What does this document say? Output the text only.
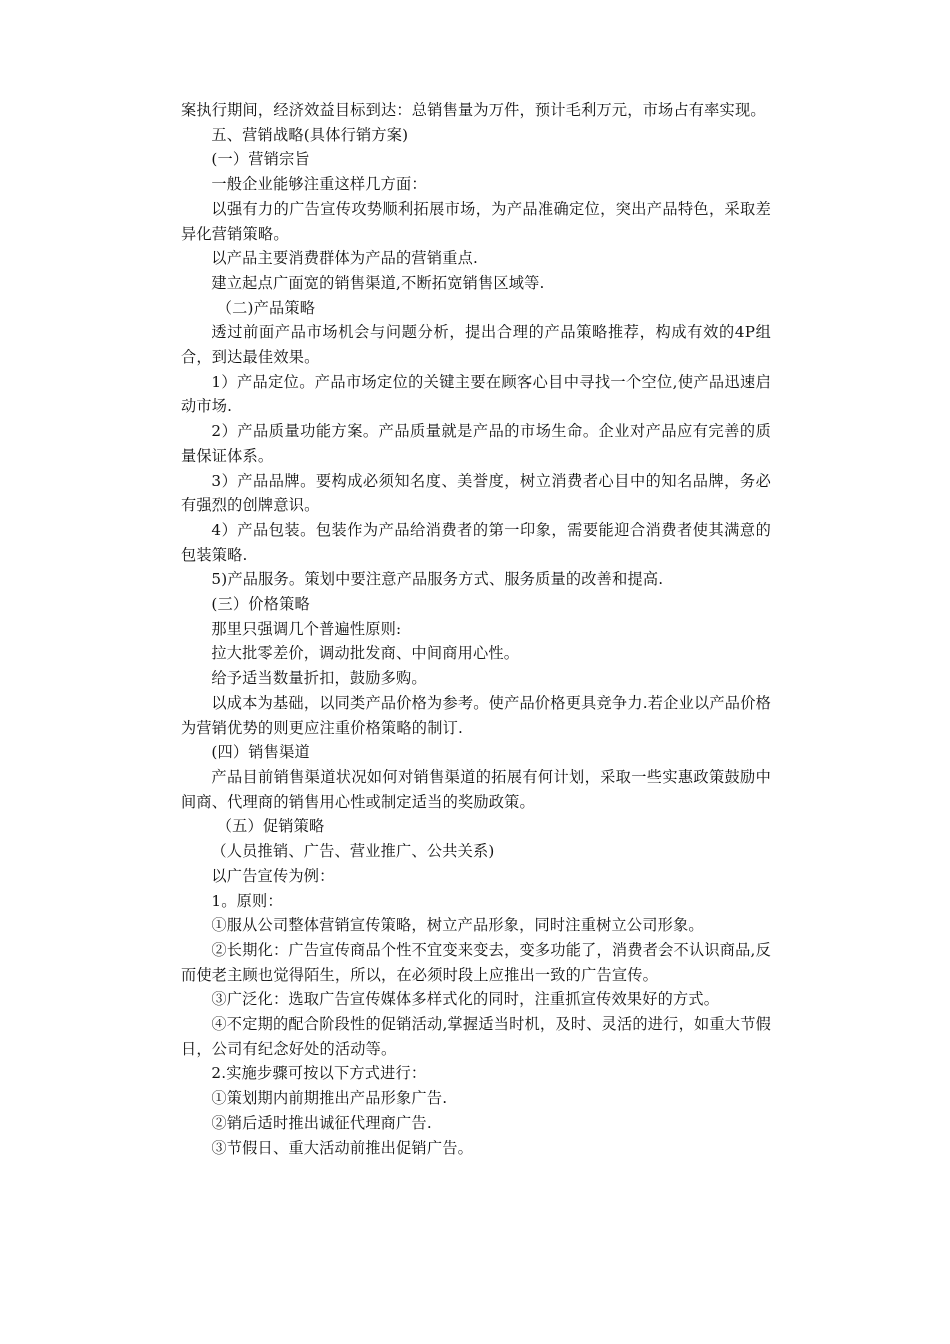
案执行期间，经济效益目标到达：总销售量为万件，预计毛利万元，市场占有率实现。

五、营销战略(具体行销方案)

(一）营销宗旨

一般企业能够注重这样几方面：

以强有力的广告宣传攻势顺利拓展市场，为产品准确定位，突出产品特色，采取差异化营销策略。

以产品主要消费群体为产品的营销重点.

建立起点广面宽的销售渠道,不断拓宽销售区域等.

（二)产品策略

透过前面产品市场机会与问题分析，提出合理的产品策略推荐，构成有效的4P组合，到达最佳效果。

1）产品定位。产品市场定位的关键主要在顾客心目中寻找一个空位,使产品迅速启动市场.

2）产品质量功能方案。产品质量就是产品的市场生命。企业对产品应有完善的质量保证体系。

3）产品品牌。要构成必须知名度、美誉度，树立消费者心目中的知名品牌，务必有强烈的创牌意识。

4）产品包装。包装作为产品给消费者的第一印象，需要能迎合消费者使其满意的包装策略.

5)产品服务。策划中要注意产品服务方式、服务质量的改善和提高.

(三）价格策略

那里只强调几个普遍性原则:

拉大批零差价，调动批发商、中间商用心性。

给予适当数量折扣，鼓励多购。

以成本为基础，以同类产品价格为参考。使产品价格更具竞争力.若企业以产品价格为营销优势的则更应注重价格策略的制订.

(四）销售渠道

产品目前销售渠道状况如何对销售渠道的拓展有何计划，采取一些实惠政策鼓励中间商、代理商的销售用心性或制定适当的奖励政策。

（五）促销策略

（人员推销、广告、营业推广、公共关系)

以广告宣传为例：

1。原则：

①服从公司整体营销宣传策略，树立产品形象，同时注重树立公司形象。

②长期化：广告宣传商品个性不宜变来变去，变多功能了，消费者会不认识商品,反而使老主顾也觉得陌生，所以，在必须时段上应推出一致的广告宣传。

③广泛化：选取广告宣传媒体多样式化的同时，注重抓宣传效果好的方式。

④不定期的配合阶段性的促销活动,掌握适当时机，及时、灵活的进行，如重大节假日，公司有纪念好处的活动等。

2.实施步骤可按以下方式进行：

①策划期内前期推出产品形象广告.

②销后适时推出诚征代理商广告.

③节假日、重大活动前推出促销广告。
